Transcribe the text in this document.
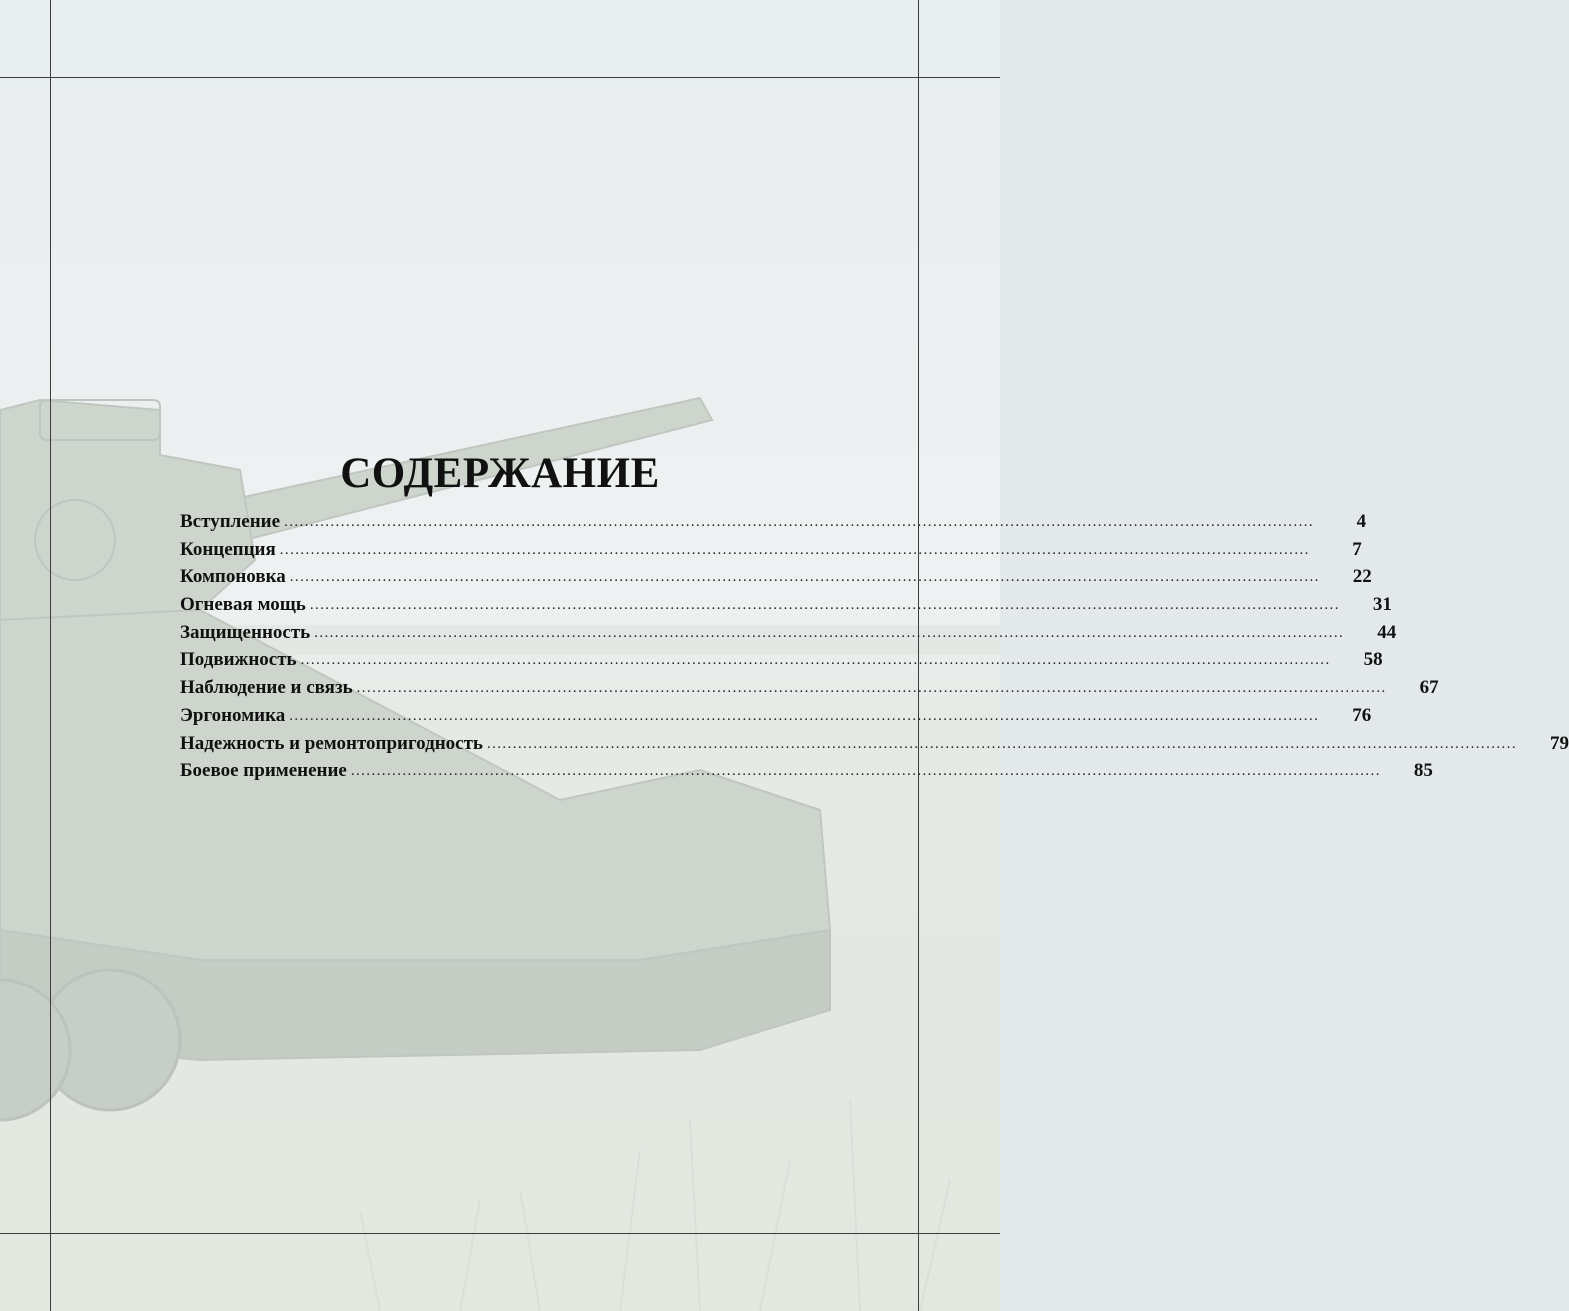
СОДЕРЖАНИЕ
Вступление ........................................................................................................................................................................................................	4
Концепция ........................................................................................................................................................................................................	7
Компоновка ........................................................................................................................................................................................................	22
Огневая мощь ........................................................................................................................................................................................................	31
Защищенность ........................................................................................................................................................................................................	44
Подвижность ........................................................................................................................................................................................................	58
Наблюдение и связь ........................................................................................................................................................................................................	67
Эргономика ........................................................................................................................................................................................................	76
Надежность и ремонтопригодность ........................................................................................................................................................................................................	79
Боевое применение ........................................................................................................................................................................................................	85
